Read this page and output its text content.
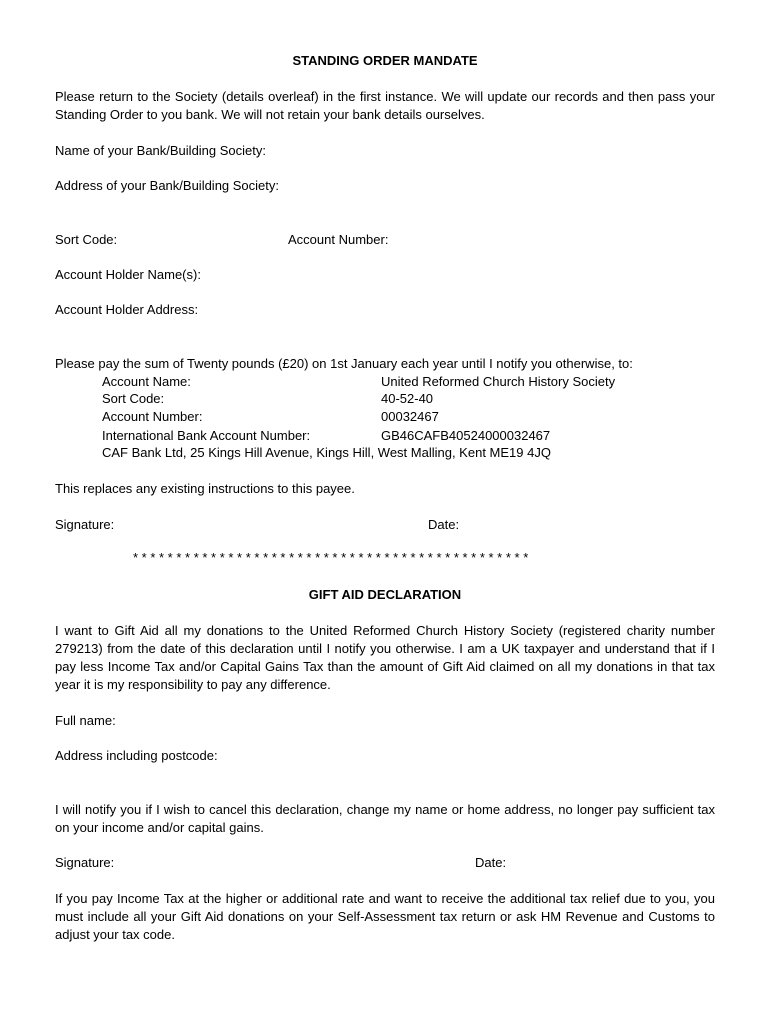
STANDING ORDER MANDATE
Please return to the Society (details overleaf) in the first instance. We will update our records and then pass your Standing Order to you bank. We will not retain your bank details ourselves.
Name of your Bank/Building Society:
Address of your Bank/Building Society:
Sort Code:	Account Number:
Account Holder Name(s):
Account Holder Address:
Please pay the sum of Twenty pounds (£20) on 1st January each year until I notify you otherwise, to:
Account Name:	United Reformed Church History Society
Sort Code:	40-52-40
Account Number:	00032467
International Bank Account Number:	GB46CAFB40524000032467
CAF Bank Ltd, 25 Kings Hill Avenue, Kings Hill, West Malling, Kent ME19 4JQ
This replaces any existing instructions to this payee.
Signature:	Date:
* * * * * * * * * * * * * * * * * * * * * * * * * * * * * * * * * * * * * * * * * * * * * *
GIFT AID DECLARATION
I want to Gift Aid all my donations to the United Reformed Church History Society (registered charity number 279213) from the date of this declaration until I notify you otherwise. I am a UK taxpayer and understand that if I pay less Income Tax and/or Capital Gains Tax than the amount of Gift Aid claimed on all my donations in that tax year it is my responsibility to pay any difference.
Full name:
Address including postcode:
I will notify you if I wish to cancel this declaration, change my name or home address, no longer pay sufficient tax on your income and/or capital gains.
Signature:	Date:
If you pay Income Tax at the higher or additional rate and want to receive the additional tax relief due to you, you must include all your Gift Aid donations on your Self-Assessment tax return or ask HM Revenue and Customs to adjust your tax code.
